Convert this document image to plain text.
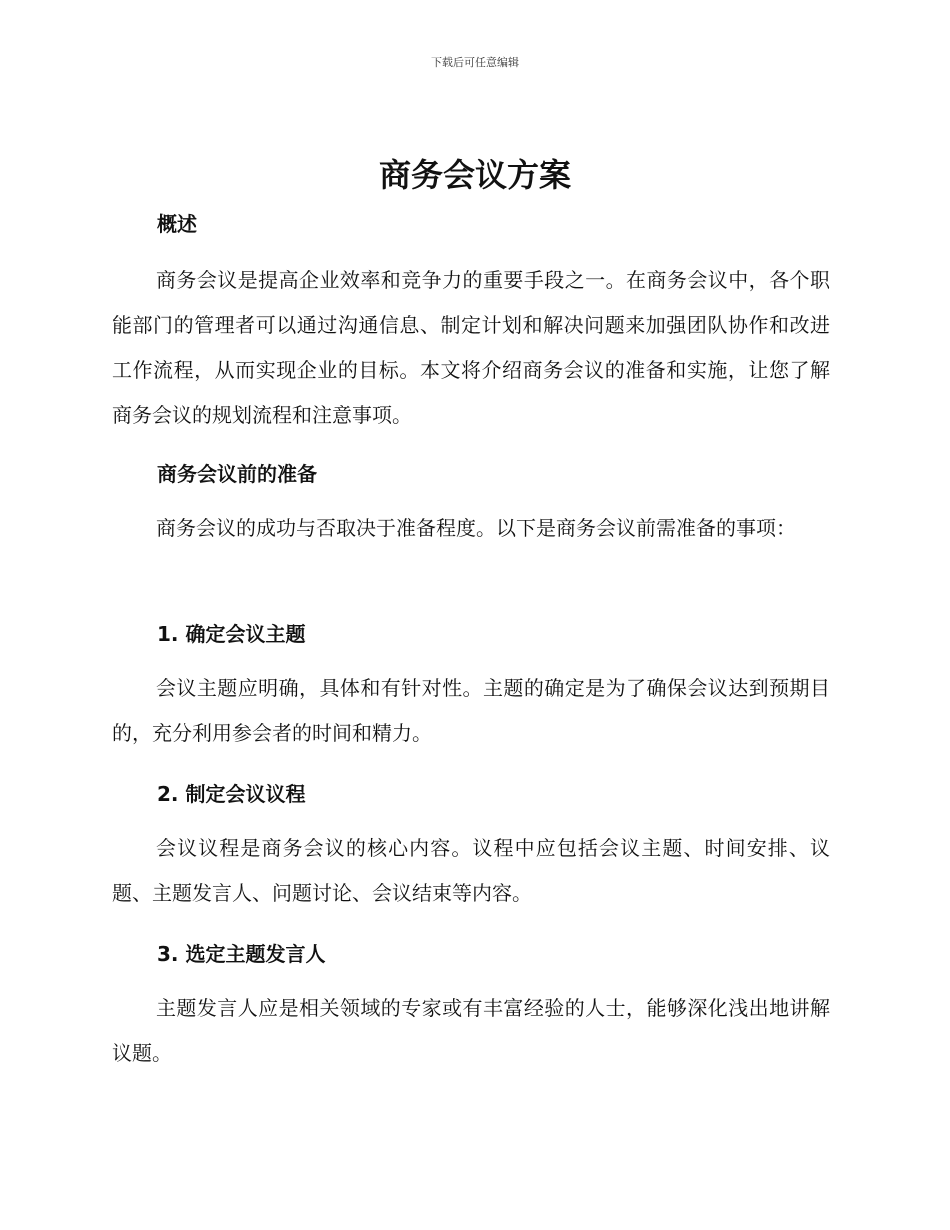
下载后可任意编辑
商务会议方案
概述
商务会议是提高企业效率和竞争力的重要手段之一。在商务会议中，各个职能部门的管理者可以通过沟通信息、制定计划和解决问题来加强团队协作和改进工作流程，从而实现企业的目标。本文将介绍商务会议的准备和实施，让您了解商务会议的规划流程和注意事项。
商务会议前的准备
商务会议的成功与否取决于准备程度。以下是商务会议前需准备的事项：
1. 确定会议主题
会议主题应明确，具体和有针对性。主题的确定是为了确保会议达到预期目的，充分利用参会者的时间和精力。
2. 制定会议议程
会议议程是商务会议的核心内容。议程中应包括会议主题、时间安排、议题、主题发言人、问题讨论、会议结束等内容。
3. 选定主题发言人
主题发言人应是相关领域的专家或有丰富经验的人士，能够深化浅出地讲解议题。
